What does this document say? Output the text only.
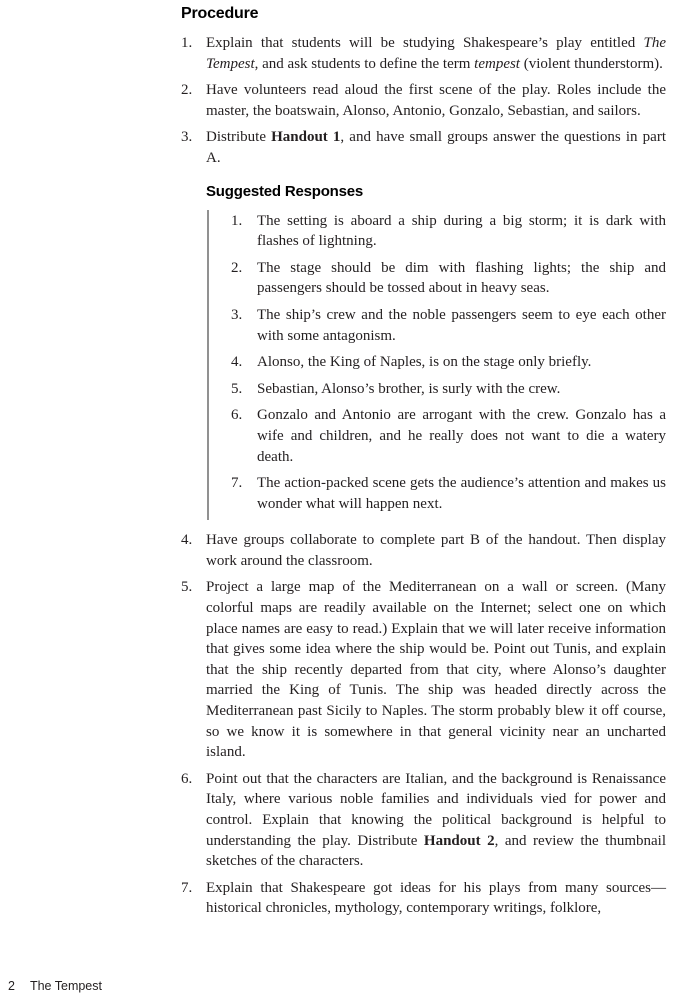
Procedure
1. Explain that students will be studying Shakespeare’s play entitled The Tempest, and ask students to define the term tempest (violent thunderstorm).
2. Have volunteers read aloud the first scene of the play. Roles include the master, the boatswain, Alonso, Antonio, Gonzalo, Sebastian, and sailors.
3. Distribute Handout 1, and have small groups answer the questions in part A.
Suggested Responses
1. The setting is aboard a ship during a big storm; it is dark with flashes of lightning.
2. The stage should be dim with flashing lights; the ship and passengers should be tossed about in heavy seas.
3. The ship’s crew and the noble passengers seem to eye each other with some antagonism.
4. Alonso, the King of Naples, is on the stage only briefly.
5. Sebastian, Alonso’s brother, is surly with the crew.
6. Gonzalo and Antonio are arrogant with the crew. Gonzalo has a wife and children, and he really does not want to die a watery death.
7. The action-packed scene gets the audience’s attention and makes us wonder what will happen next.
4. Have groups collaborate to complete part B of the handout. Then display work around the classroom.
5. Project a large map of the Mediterranean on a wall or screen. (Many colorful maps are readily available on the Internet; select one on which place names are easy to read.) Explain that we will later receive information that gives some idea where the ship would be. Point out Tunis, and explain that the ship recently departed from that city, where Alonso’s daughter married the King of Tunis. The ship was headed directly across the Mediterranean past Sicily to Naples. The storm probably blew it off course, so we know it is somewhere in that general vicinity near an uncharted island.
6. Point out that the characters are Italian, and the background is Renaissance Italy, where various noble families and individuals vied for power and control. Explain that knowing the political background is helpful to understanding the play. Distribute Handout 2, and review the thumbnail sketches of the characters.
7. Explain that Shakespeare got ideas for his plays from many sources—historical chronicles, mythology, contemporary writings, folklore,
2 The Tempest
